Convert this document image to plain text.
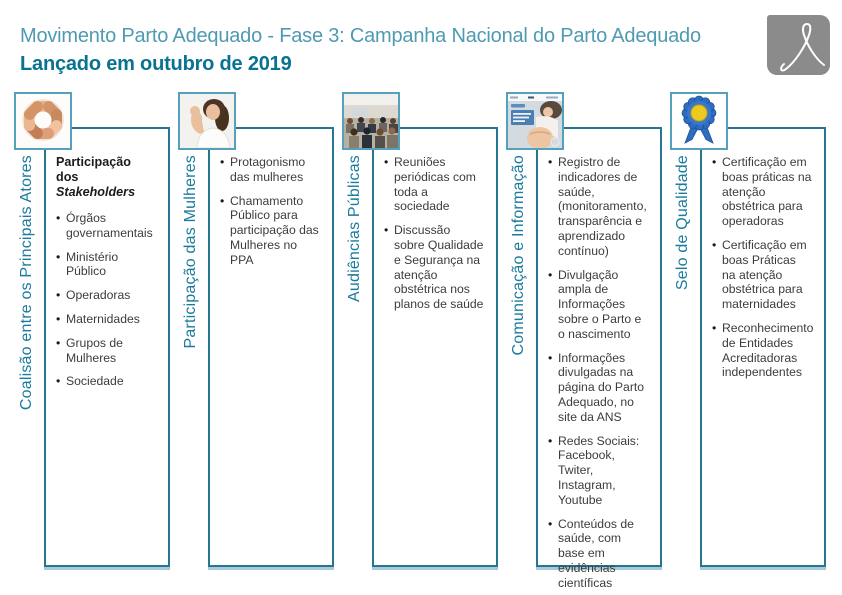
Movimento Parto Adequado - Fase 3: Campanha Nacional do Parto Adequado
Lançado em outubro de 2019
Coalisão entre os Principais Atores	Participação dos
Stakeholders
• Órgãos governamentais
• Ministério Público
• Operadoras
• Maternidades
• Grupos de Mulheres
• Sociedade
Participação das Mulheres	• Protagonismo das mulheres
• Chamamento Público para participação das Mulheres no PPA	Audiências Públicas	• Reuniões periódicas com toda a sociedade
• Discussão sobre Qualidade e Segurança na atenção obstétrica nos planos de saúde Comunicação e Informação	• Registro de indicadores de saúde, (monitoramento, transparência e aprendizado contínuo)
• Divulgação ampla de Informações sobre o Parto e o nascimento
• Informações divulgadas na página do Parto Adequado, no site da ANS
• Redes Sociais: Facebook, Twiter, Instagram, Youtube
• Conteúdos de saúde, com base em evidências científicas
Selo de Qualidade	• Certificação em boas práticas na atenção obstétrica para operadoras
• Certificação em boas Práticas na atenção obstétrica para maternidades
• Reconhecimento de Entidades Acreditadoras independentes
